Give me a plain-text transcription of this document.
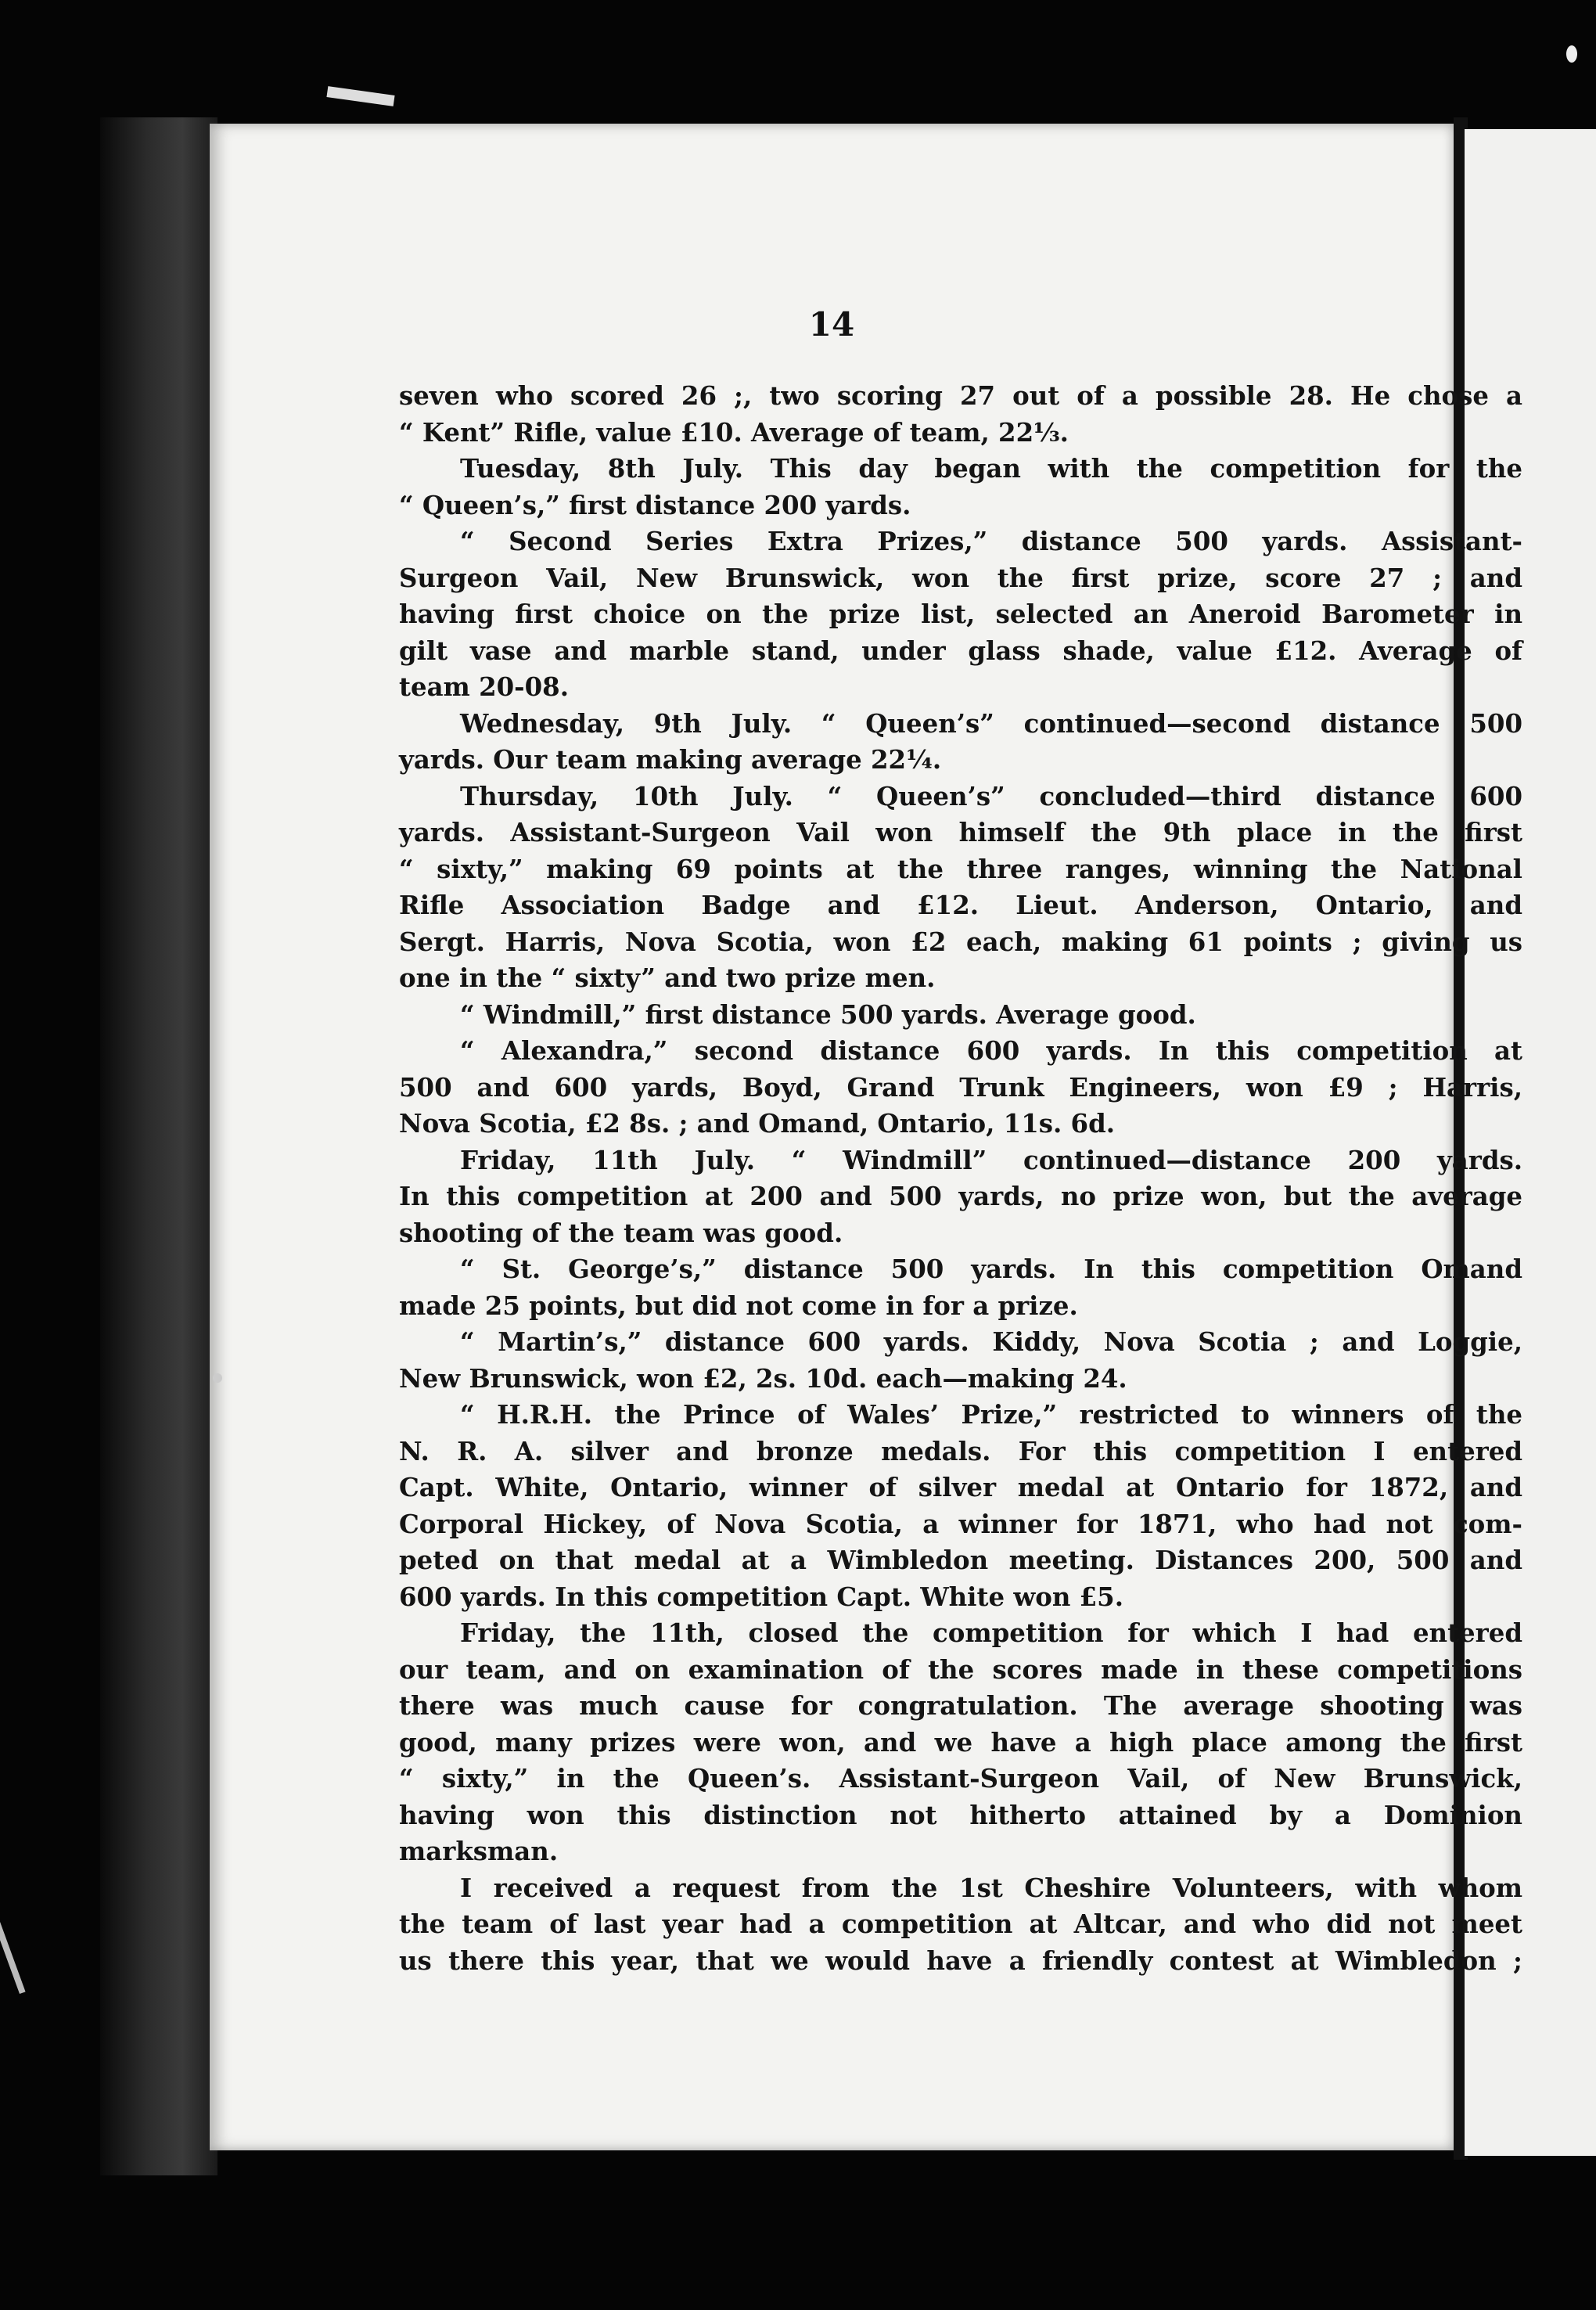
14

seven who scored 26 ;, two scoring 27 out of a possible 28. He chose a

“ Kent” Rifle, value £10. Average of team, 22⅓.

Tuesday, 8th July. This day began with the competition for the

“ Queen’s,” first distance 200 yards.

“ Second Series Extra Prizes,” distance 500 yards. Assistant-

Surgeon Vail, New Brunswick, won the first prize, score 27 ; and

having first choice on the prize list, selected an Aneroid Barometer in

gilt vase and marble stand, under glass shade, value £12. Average of

team 20-08.

Wednesday, 9th July. “ Queen’s” continued—second distance 500

yards. Our team making average 22¼.

Thursday, 10th July. “ Queen’s” concluded—third distance 600

yards. Assistant-Surgeon Vail won himself the 9th place in the first

“ sixty,” making 69 points at the three ranges, winning the National

Rifle Association Badge and £12. Lieut. Anderson, Ontario, and

Sergt. Harris, Nova Scotia, won £2 each, making 61 points ; giving us

one in the “ sixty” and two prize men.

“ Windmill,” first distance 500 yards. Average good.

“ Alexandra,” second distance 600 yards. In this competition at

500 and 600 yards, Boyd, Grand Trunk Engineers, won £9 ; Harris,

Nova Scotia, £2 8s. ; and Omand, Ontario, 11s. 6d.

Friday, 11th July. “ Windmill” continued—distance 200 yards.

In this competition at 200 and 500 yards, no prize won, but the average

shooting of the team was good.

“ St. George’s,” distance 500 yards. In this competition Omand

made 25 points, but did not come in for a prize.

“ Martin’s,” distance 600 yards. Kiddy, Nova Scotia ; and Loggie,

New Brunswick, won £2, 2s. 10d. each—making 24.

“ H.R.H. the Prince of Wales’ Prize,” restricted to winners of the

N. R. A. silver and bronze medals. For this competition I entered

Capt. White, Ontario, winner of silver medal at Ontario for 1872, and

Corporal Hickey, of Nova Scotia, a winner for 1871, who had not com-

peted on that medal at a Wimbledon meeting. Distances 200, 500 and

600 yards. In this competition Capt. White won £5.

Friday, the 11th, closed the competition for which I had entered

our team, and on examination of the scores made in these competitions

there was much cause for congratulation. The average shooting was

good, many prizes were won, and we have a high place among the first

“ sixty,” in the Queen’s. Assistant-Surgeon Vail, of New Brunswick,

having won this distinction not hitherto attained by a Dominion

marksman.

I received a request from the 1st Cheshire Volunteers, with whom

the team of last year had a competition at Altcar, and who did not meet

us there this year, that we would have a friendly contest at Wimbledon ;
